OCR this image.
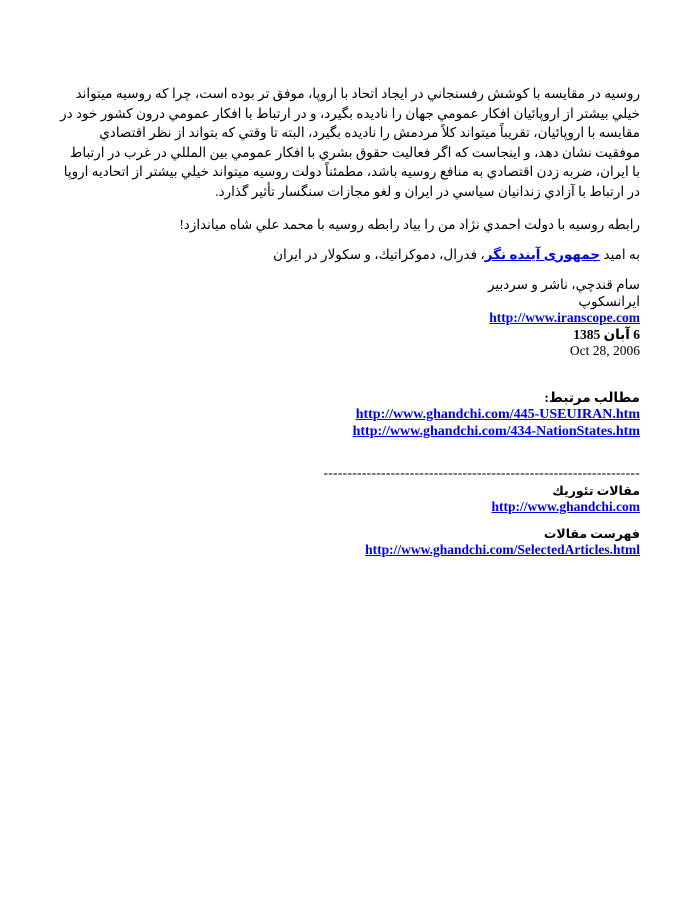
روسيه در مقايسه با كوشش رفسنجاني در ايجاد اتحاد با اروپا، موفق تر بوده است، چرا كه روسيه ميتواند خيلي بيشتر از اروپائيان افكار عمومي جهان را ناديده بگيرد، و در ارتباط با افكار عمومي درون كشور خود در مقايسه با اروپائيان، تقريباً ميتواند كلاً مردمش را ناديده بگيرد، البته تا وقتي كه بتواند از نظر اقتصادي موفقيت نشان دهد، و اينجاست كه اگر فعاليت حقوق بشري با افكار عمومي بين المللي در غرب در ارتباط با ايران، ضربه زدن اقتصادي به منافع روسيه باشد، مطمئناً دولت روسيه ميتواند خيلي بيشتر از اتحاديه اروپا در ارتباط با آزادي زندانيان سياسي در ايران و لغو مجازات سنگسار تأثير گذارد.

رابطه روسيه با دولت احمدي نژاد من را بياد رابطه روسيه با محمد علي شاه مياندازد!

به اميد جمهوری آينده نگر، فدرال، دموكراتيك، و سكولار در ايران

سام قندچي، ناشر و سردبير

ايرانسكوپ

http://www.iranscope.com

6 آبان 1385

Oct 28, 2006

مطالب مرتبط:

http://www.ghandchi.com/445-USEUIRAN.htm

http://www.ghandchi.com/434-NationStates.htm

------------------------------------------------------------------

مقالات تئوريك

http://www.ghandchi.com

فهرست مقالات

http://www.ghandchi.com/SelectedArticles.html
